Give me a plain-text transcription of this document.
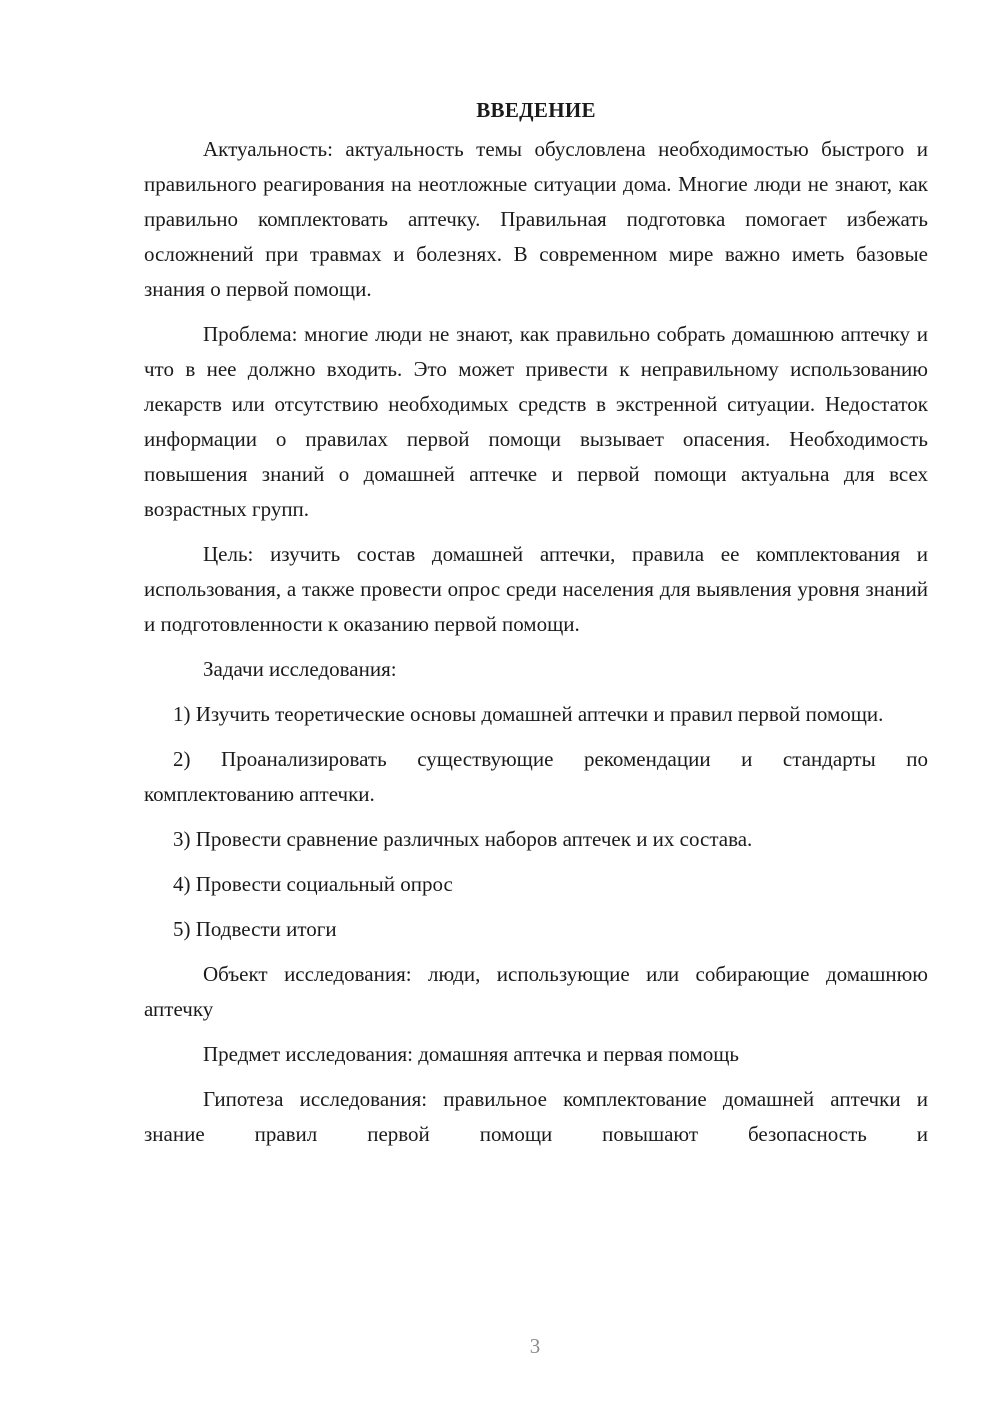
ВВЕДЕНИЕ

Актуальность: актуальность темы обусловлена необходимостью быстрого и правильного реагирования на неотложные ситуации дома. Многие люди не знают, как правильно комплектовать аптечку. Правильная подготовка помогает избежать осложнений при травмах и болезнях. В современном мире важно иметь базовые знания о первой помощи.

Проблема: многие люди не знают, как правильно собрать домашнюю аптечку и что в нее должно входить. Это может привести к неправильному использованию лекарств или отсутствию необходимых средств в экстренной ситуации. Недостаток информации о правилах первой помощи вызывает опасения. Необходимость повышения знаний о домашней аптечке и первой помощи актуальна для всех возрастных групп.

Цель: изучить состав домашней аптечки, правила ее комплектования и использования, а также провести опрос среди населения для выявления уровня знаний и подготовленности к оказанию первой помощи.

Задачи исследования:

1) Изучить теоретические основы домашней аптечки и правил первой помощи.

2) Проанализировать существующие рекомендации и стандарты по комплектованию аптечки.

3) Провести сравнение различных наборов аптечек и их состава.

4) Провести социальный опрос

5) Подвести итоги

Объект исследования: люди, использующие или собирающие домашнюю аптечку

Предмет исследования: домашняя аптечка и первая помощь

Гипотеза исследования: правильное комплектование домашней аптечки и знание правил первой помощи повышают безопасность и

3
